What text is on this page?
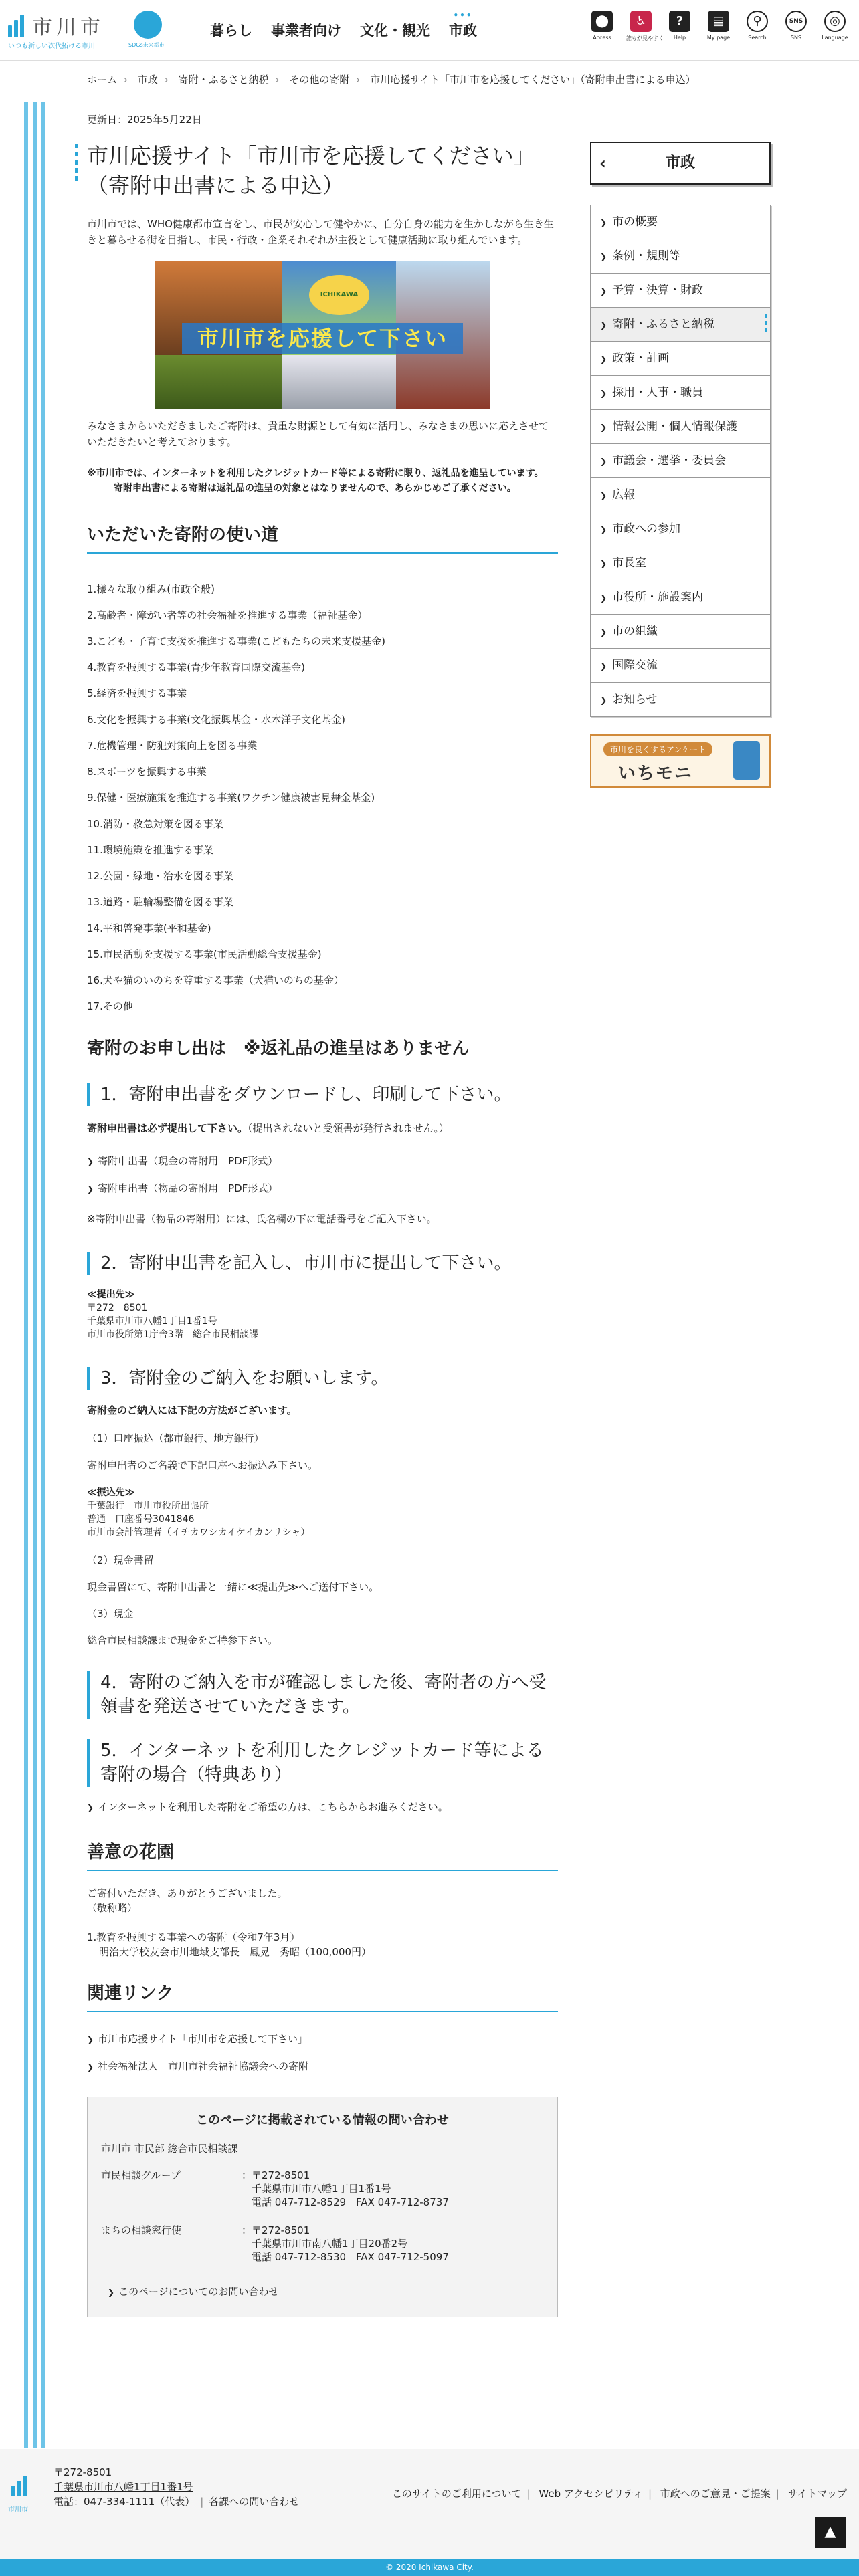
市川市
いつも新しい次代拓ける市川	SDGs未来都市
暮らし	事業者向け	文化・観光
•••
市政
⬤
Access
♿
誰もが見やすく
?
Help
▤
My page
⚲
Search
SNS
SNS
◎
Language
ホーム › 市政 › 寄附・ふるさと納税 › その他の寄附 › 市川応援サイト「市川市を応援してください」（寄附申出書による申込）
更新日：2025年5月22日
市川応援サイト「市川市を応援してください」（寄附申出書による申込）
市川市では、WHO健康都市宣言をし、市民が安心して健やかに、自分自身の能力を生かしながら生き生きと暮らせる街を目指し、市民・行政・企業それぞれが主役として健康活動に取り組んでいます。
市川市を応援して下さい
ICHIKAWA
みなさまからいただきましたご寄附は、貴重な財源として有効に活用し、みなさまの思いに応えさせていただきたいと考えております。
※市川市では、インターネットを利用したクレジットカード等による寄附に限り、返礼品を進呈しています。
寄附申出書による寄附は返礼品の進呈の対象とはなりませんので、あらかじめご了承ください。
いただいた寄附の使い道
1.様々な取り組み(市政全般)
2.高齢者・障がい者等の社会福祉を推進する事業（福祉基金）
3.こども・子育て支援を推進する事業(こどもたちの未来支援基金)
4.教育を振興する事業(青少年教育国際交流基金)
5.経済を振興する事業
6.文化を振興する事業(文化振興基金・水木洋子文化基金)
7.危機管理・防犯対策向上を図る事業
8.スポーツを振興する事業
9.保健・医療施策を推進する事業(ワクチン健康被害見舞金基金)
10.消防・救急対策を図る事業
11.環境施策を推進する事業
12.公園・緑地・治水を図る事業
13.道路・駐輪場整備を図る事業
14.平和啓発事業(平和基金)
15.市民活動を支援する事業(市民活動総合支援基金)
16.犬や猫のいのちを尊重する事業（犬猫いのちの基金）
17.その他
寄附のお申し出は　※返礼品の進呈はありません
1．寄附申出書をダウンロードし、印刷して下さい。
寄附申出書は必ず提出して下さい。（提出されないと受領書が発行されません。）
❯ 寄附申出書（現金の寄附用　PDF形式）
❯ 寄附申出書（物品の寄附用　PDF形式）
※寄附申出書（物品の寄附用）には、氏名欄の下に電話番号をご記入下さい。
2．寄附申出書を記入し、市川市に提出して下さい。
≪提出先≫
〒272－8501
千葉県市川市八幡1丁目1番1号
市川市役所第1庁舎3階　総合市民相談課
3．寄附金のご納入をお願いします。
寄附金のご納入には下記の方法がございます。
（1）口座振込（都市銀行、地方銀行）
寄附申出者のご名義で下記口座へお振込み下さい。
≪振込先≫
千葉銀行　市川市役所出張所
普通　口座番号3041846
市川市会計管理者（イチカワシカイケイカンリシャ）
（2）現金書留
現金書留にて、寄附申出書と一緒に≪提出先≫へご送付下さい。
（3）現金
総合市民相談課まで現金をご持参下さい。
4．寄附のご納入を市が確認しました後、寄附者の方へ受領書を発送させていただきます。
5．インターネットを利用したクレジットカード等による寄附の場合（特典あり）
❯ インターネットを利用した寄附をご希望の方は、こちらからお進みください。
善意の花園
ご寄付いただき、ありがとうございました。
（敬称略）
1.教育を振興する事業への寄附（令和7年3月）
明治大学校友会市川地域支部長　鳳晃　秀昭（100,000円）
関連リンク
❯ 市川市応援サイト「市川市を応援して下さい」
❯ 社会福祉法人　市川市社会福祉協議会への寄附
このページに掲載されている情報の問い合わせ
市川市 市民部 総合市民相談課
市民相談グループ	：	〒272-8501
千葉県市川市八幡1丁目1番1号
電話 047-712-8529　FAX 047-712-8737

まちの相談窓行使	：	〒272-8501
千葉県市川市南八幡1丁目20番2号
電話 047-712-8530　FAX 047-712-5097
❯ このページについてのお問い合わせ
‹	市政
❯ 市の概要
❯ 条例・規則等
❯ 予算・決算・財政
❯ 寄附・ふるさと納税
❯ 政策・計画
❯ 採用・人事・職員
❯ 情報公開・個人情報保護
❯ 市議会・選挙・委員会
❯ 広報
❯ 市政への参加
❯ 市長室
❯ 市役所・施設案内
❯ 市の組織
❯ 国際交流
❯ お知らせ
市川を良くするアンケート
いちモニ
市川市
〒272-8501
千葉県市川市八幡1丁目1番1号
電話：047-334-1111（代表） | 各課への問い合わせ
このサイトのご利用について | Web アクセシビリティ | 市政へのご意見・ご提案 | サイトマップ
▲
© 2020 Ichikawa City.
